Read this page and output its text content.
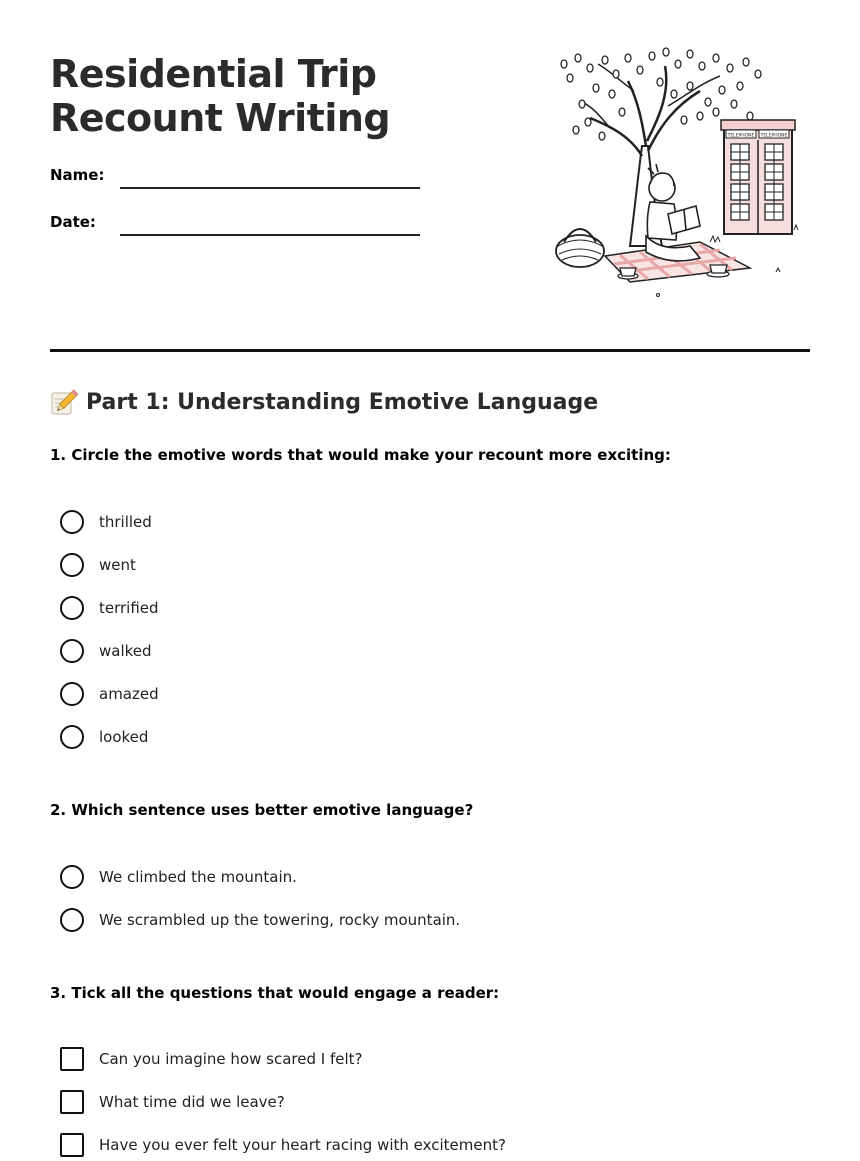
Residential Trip Recount Writing
Name:
Date:
TELEPHONE TELEPHONE
Part 1: Understanding Emotive Language

1. Circle the emotive words that would make your recount more exciting:

thrilled
went
terrified
walked
amazed
looked

2. Which sentence uses better emotive language?

We climbed the mountain.
We scrambled up the towering, rocky mountain.

3. Tick all the questions that would engage a reader:

Can you imagine how scared I felt?
What time did we leave?
Have you ever felt your heart racing with excitement?
